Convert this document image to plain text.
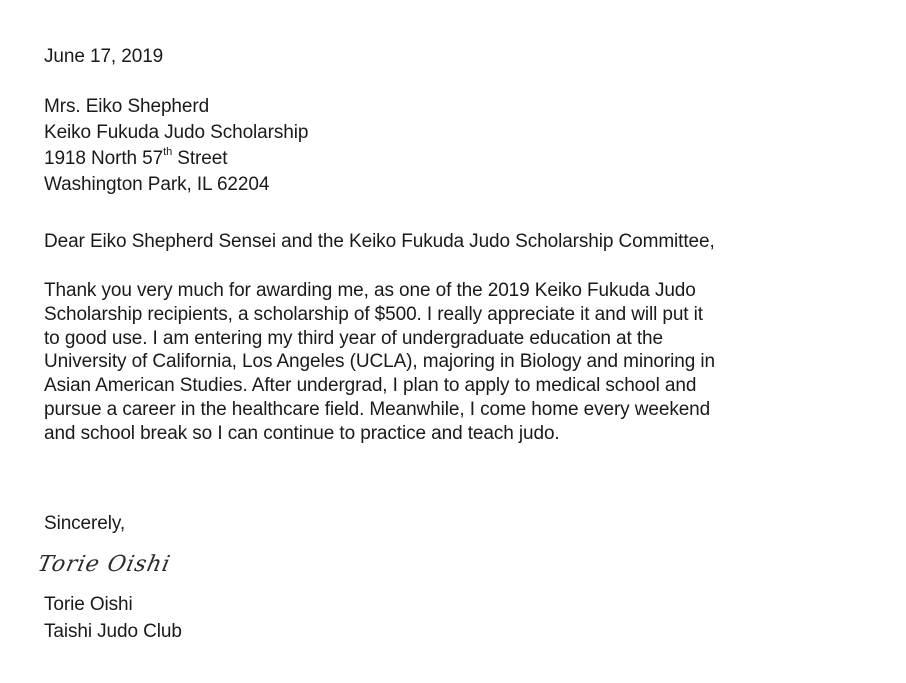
June 17, 2019
Mrs. Eiko Shepherd
Keiko Fukuda Judo Scholarship
1918 North 57th Street
Washington Park, IL 62204
Dear Eiko Shepherd Sensei and the Keiko Fukuda Judo Scholarship Committee,
Thank you very much for awarding me, as one of the 2019 Keiko Fukuda Judo
Scholarship recipients, a scholarship of $500. I really appreciate it and will put it
to good use. I am entering my third year of undergraduate education at the
University of California, Los Angeles (UCLA), majoring in Biology and minoring in
Asian American Studies. After undergrad, I plan to apply to medical school and
pursue a career in the healthcare field. Meanwhile, I come home every weekend
and school break so I can continue to practice and teach judo.
Sincerely,
Torie Oishi
Torie Oishi
Taishi Judo Club
